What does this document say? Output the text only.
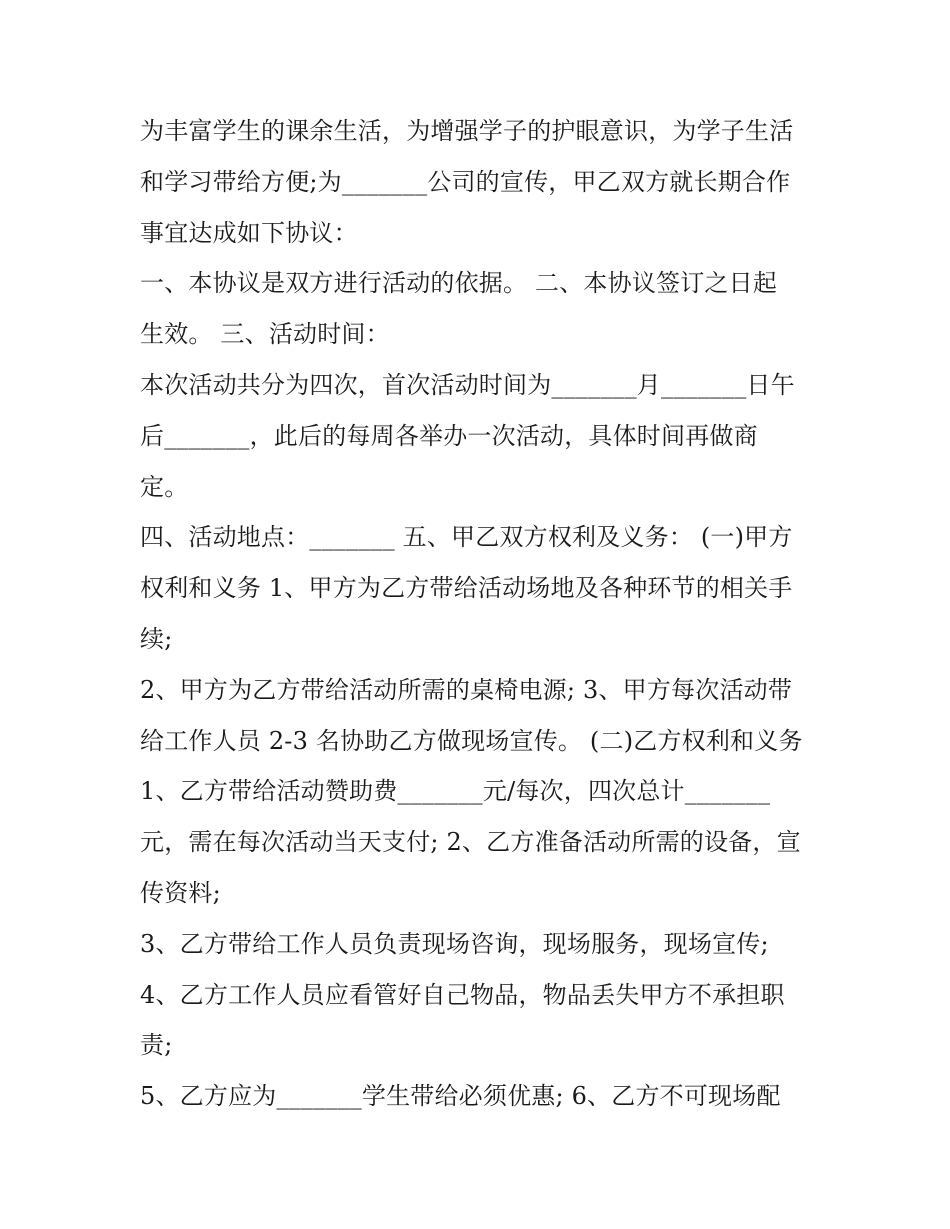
为丰富学生的课余生活，为增强学子的护眼意识，为学子生活
和学习带给方便;为_______公司的宣传，甲乙双方就长期合作
事宜达成如下协议：
一、本协议是双方进行活动的依据。 二、本协议签订之日起
生效。 三、活动时间：
本次活动共分为四次，首次活动时间为_______月_______日午
后_______，此后的每周各举办一次活动，具体时间再做商
定。
四、活动地点：_______ 五、甲乙双方权利及义务： (一)甲方
权利和义务 1、甲方为乙方带给活动场地及各种环节的相关手
续;
2、甲方为乙方带给活动所需的桌椅电源; 3、甲方每次活动带
给工作人员 2-3 名协助乙方做现场宣传。 (二)乙方权利和义务
1、乙方带给活动赞助费_______元/每次，四次总计_______
元，需在每次活动当天支付; 2、乙方准备活动所需的设备，宣
传资料;
3、乙方带给工作人员负责现场咨询，现场服务，现场宣传;
4、乙方工作人员应看管好自己物品，物品丢失甲方不承担职
责;
5、乙方应为_______学生带给必须优惠; 6、乙方不可现场配
